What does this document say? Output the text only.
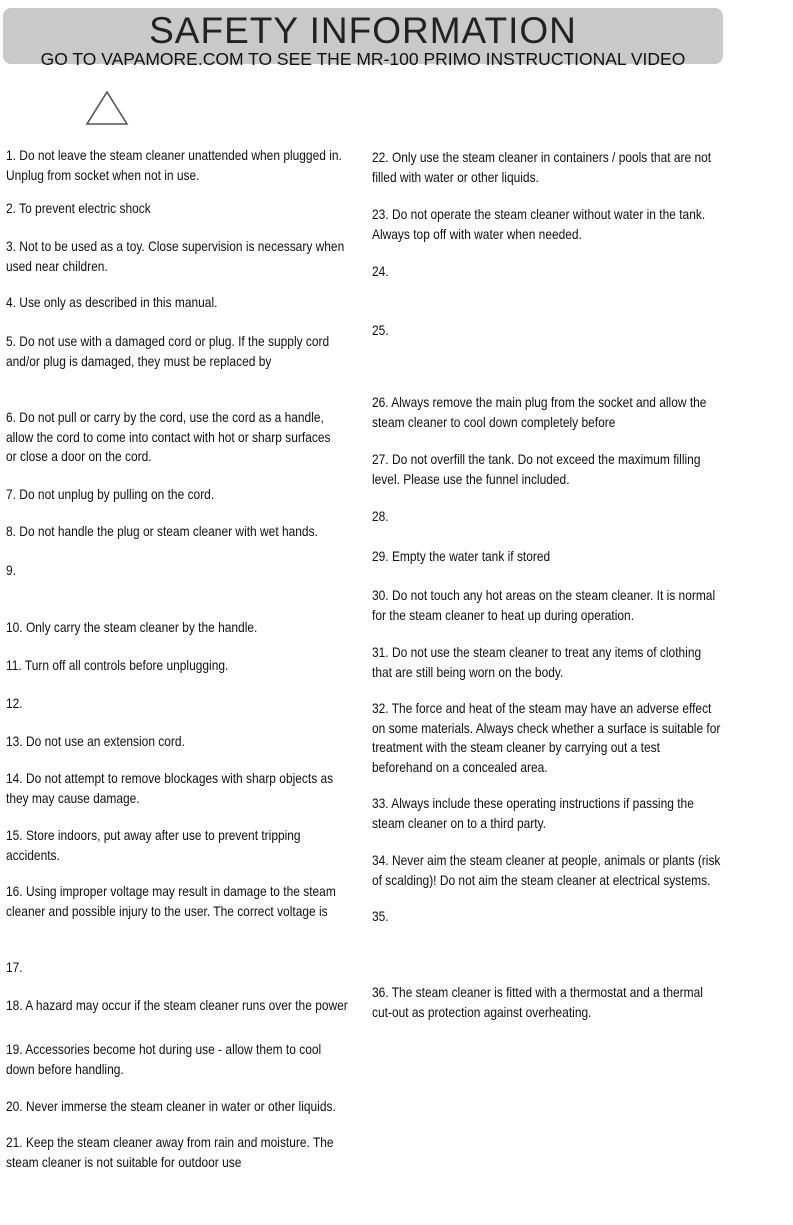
SAFETY INFORMATION
GO TO VAPAMORE.COM TO SEE THE MR-100 PRIMO INSTRUCTIONAL VIDEO
1. Do not leave the steam cleaner unattended when plugged in.
Unplug from socket when not in use.
2. To prevent electric shock
3. Not to be used as a toy. Close supervision is necessary when
used near children.
4. Use only as described in this manual.
5. Do not use with a damaged cord or plug. If the supply cord
and/or plug is damaged, they must be replaced by
6. Do not pull or carry by the cord, use the cord as a handle,
allow the cord to come into contact with hot or sharp surfaces
or close a door on the cord.
7. Do not unplug by pulling on the cord.
8. Do not handle the plug or steam cleaner with wet hands.
9.
10. Only carry the steam cleaner by the handle.
11. Turn off all controls before unplugging.
12.
13. Do not use an extension cord.
14. Do not attempt to remove blockages with sharp objects as
they may cause damage.
15. Store indoors, put away after use to prevent tripping
accidents.
16. Using improper voltage may result in damage to the steam
cleaner and possible injury to the user. The correct voltage is
17.
18. A hazard may occur if the steam cleaner runs over the power
19. Accessories become hot during use - allow them to cool
down before handling.
20. Never immerse the steam cleaner in water or other liquids.
21. Keep the steam cleaner away from rain and moisture. The
steam cleaner is not suitable for outdoor use
22. Only use the steam cleaner in containers / pools that are not
filled with water or other liquids.
23. Do not operate the steam cleaner without water in the tank.
Always top off with water when needed.
24.
25.
26. Always remove the main plug from the socket and allow the
steam cleaner to cool down completely before
27. Do not overfill the tank. Do not exceed the maximum filling
level. Please use the funnel included.
28.
29. Empty the water tank if stored
30. Do not touch any hot areas on the steam cleaner. It is normal
for the steam cleaner to heat up during operation.
31. Do not use the steam cleaner to treat any items of clothing
that are still being worn on the body.
32. The force and heat of the steam may have an adverse effect
on some materials. Always check whether a surface is suitable for
treatment with the steam cleaner by carrying out a test
beforehand on a concealed area.
33. Always include these operating instructions if passing the
steam cleaner on to a third party.
34. Never aim the steam cleaner at people, animals or plants (risk
of scalding)! Do not aim the steam cleaner at electrical systems.
35.
36. The steam cleaner is fitted with a thermostat and a thermal
cut-out as protection against overheating.
